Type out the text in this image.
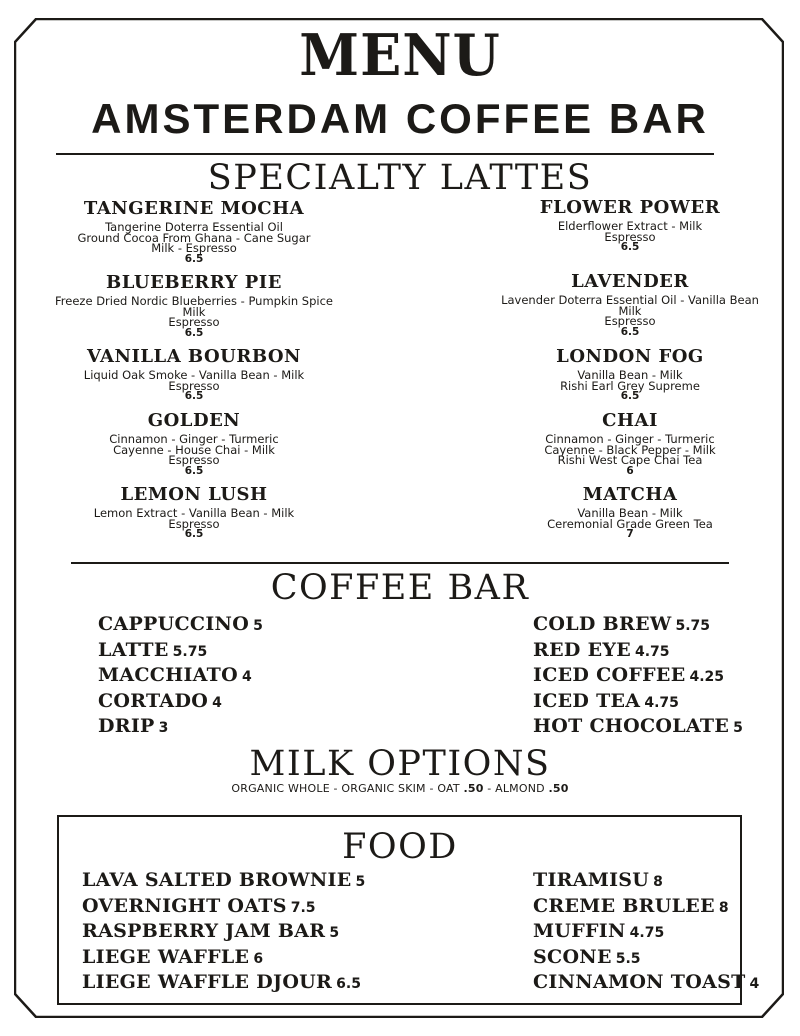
MENU
AMSTERDAM COFFEE BAR
SPECIALTY LATTES
TANGERINE MOCHA
Tangerine Doterra Essential Oil
Ground Cocoa From Ghana - Cane Sugar
Milk - Espresso
6.5
BLUEBERRY PIE
Freeze Dried Nordic Blueberries - Pumpkin Spice
Milk
Espresso
6.5
VANILLA BOURBON
Liquid Oak Smoke - Vanilla Bean - Milk
Espresso
6.5
GOLDEN
Cinnamon - Ginger - Turmeric
Cayenne - House Chai - Milk
Espresso
6.5
LEMON LUSH
Lemon Extract - Vanilla Bean - Milk
Espresso
6.5
FLOWER POWER
Elderflower Extract - Milk
Espresso
6.5
LAVENDER
Lavender Doterra Essential Oil - Vanilla Bean
Milk
Espresso
6.5
LONDON FOG
Vanilla Bean - Milk
Rishi Earl Grey Supreme
6.5
CHAI
Cinnamon - Ginger - Turmeric
Cayenne - Black Pepper - Milk
Rishi West Cape Chai Tea
6
MATCHA
Vanilla Bean - Milk
Ceremonial Grade Green Tea
7
COFFEE BAR
CAPPUCCINO 5
LATTE 5.75
MACCHIATO 4
CORTADO 4
DRIP 3
COLD BREW 5.75
RED EYE 4.75
ICED COFFEE 4.25
ICED TEA 4.75
HOT CHOCOLATE 5
MILK OPTIONS
ORGANIC WHOLE - ORGANIC SKIM - OAT .50 - ALMOND .50
FOOD
LAVA SALTED BROWNIE 5
OVERNIGHT OATS 7.5
RASPBERRY JAM BAR 5
LIEGE WAFFLE 6
LIEGE WAFFLE DJOUR 6.5
TIRAMISU 8
CREME BRULEE 8
MUFFIN 4.75
SCONE 5.5
CINNAMON TOAST 4
